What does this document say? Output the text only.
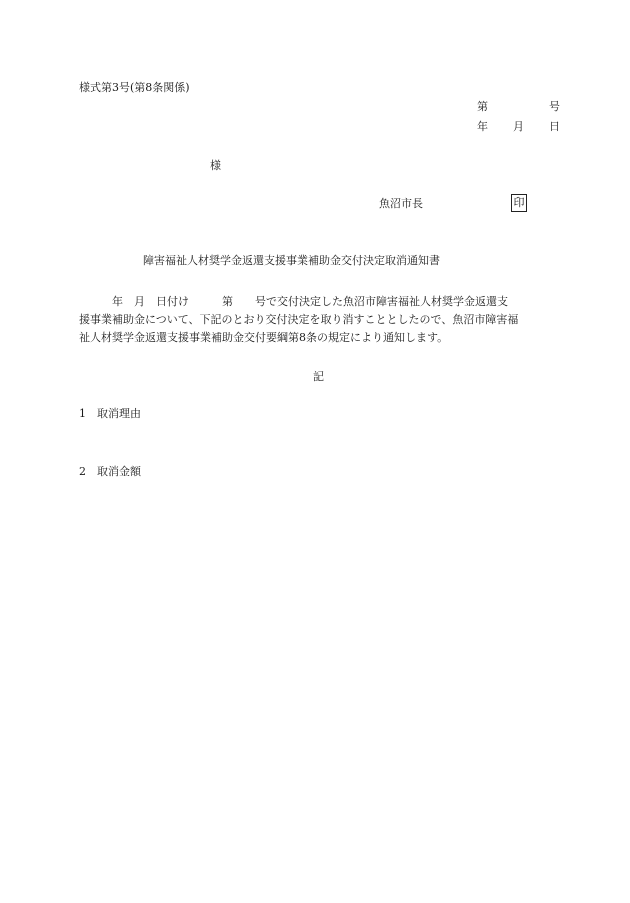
様式第3号(第8条関係)
第	号
年 月 日
様
魚沼市長	印
障害福祉人材奨学金返還支援事業補助金交付決定取消通知書
　　　年　月　日付け　　　第　　号で交付決定した魚沼市障害福祉人材奨学金返還支
援事業補助金について、下記のとおり交付決定を取り消すこととしたので、魚沼市障害福
祉人材奨学金返還支援事業補助金交付要綱第8条の規定により通知します。
記
1 取消理由
2 取消金額
